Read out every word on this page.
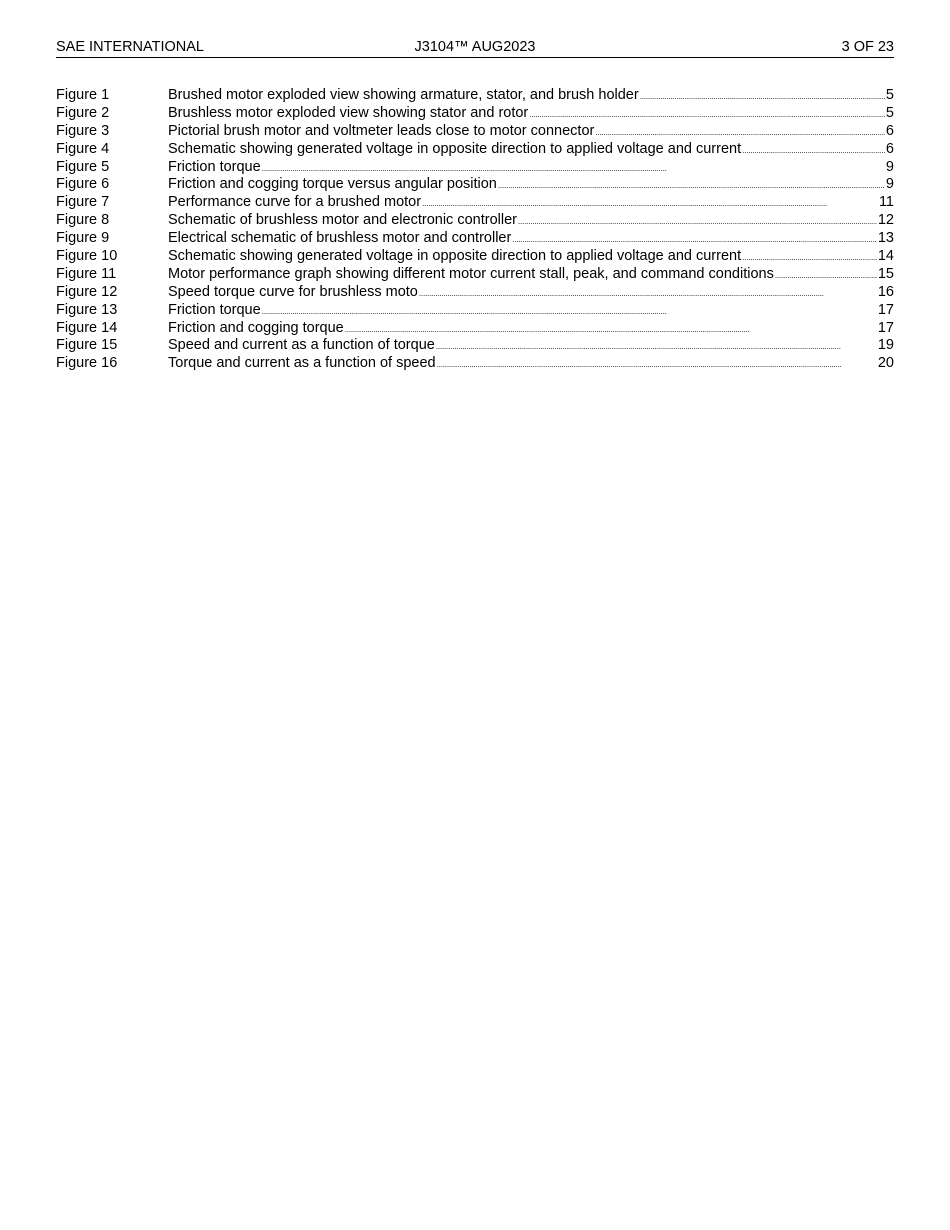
SAE INTERNATIONAL	J3104™ AUG2023	3 OF 23
Figure 1	Brushed motor exploded view showing armature, stator, and brush holder . . .	5
Figure 2	Brushless motor exploded view showing stator and rotor . . .	5
Figure 3	Pictorial brush motor and voltmeter leads close to motor connector . . .	6
Figure 4	Schematic showing generated voltage in opposite direction to applied voltage and current . . .	6
Figure 5	Friction torque . . .	9
Figure 6	Friction and cogging torque versus angular position . . .	9
Figure 7	Performance curve for a brushed motor . . .	11
Figure 8	Schematic of brushless motor and electronic controller . . .	12
Figure 9	Electrical schematic of brushless motor and controller . . .	13
Figure 10	Schematic showing generated voltage in opposite direction to applied voltage and current . . .	14
Figure 11	Motor performance graph showing different motor current stall, peak, and command conditions . . .	15
Figure 12	Speed torque curve for brushless moto . . .	16
Figure 13	Friction torque . . .	17
Figure 14	Friction and cogging torque . . .	17
Figure 15	Speed and current as a function of torque . . .	19
Figure 16	Torque and current as a function of speed . . .	20
